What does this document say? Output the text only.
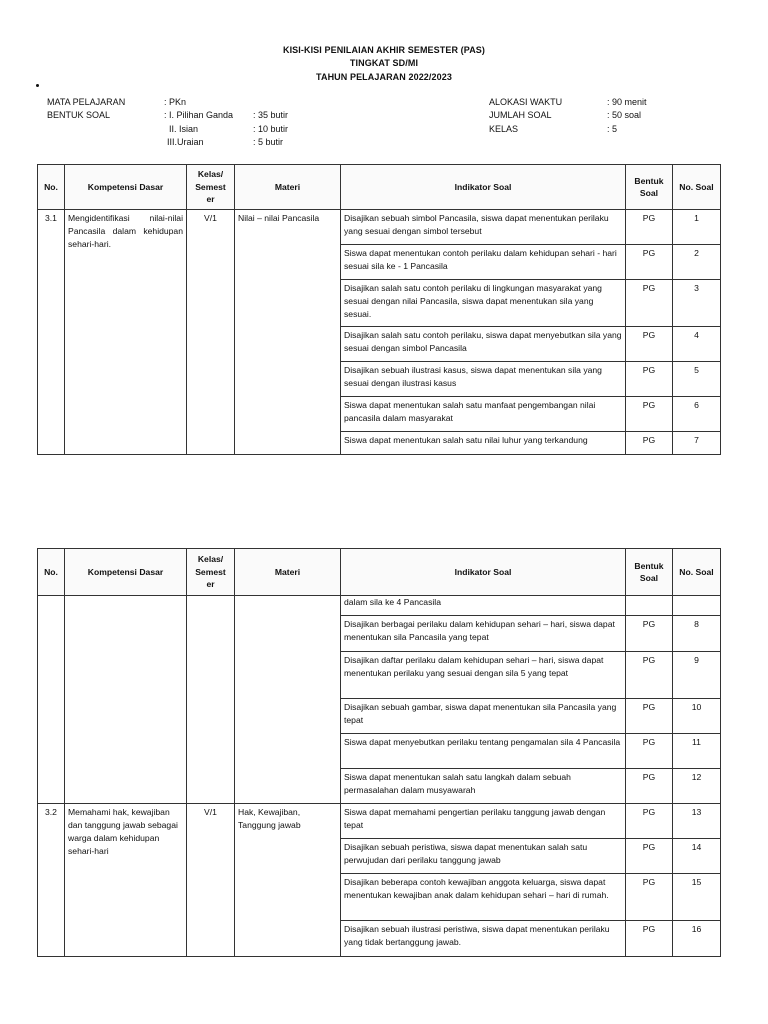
KISI-KISI PENILAIAN AKHIR SEMESTER (PAS)
TINGKAT SD/MI
TAHUN PELAJARAN 2022/2023
MATA PELAJARAN	: PKn
BENTUK SOAL	: I. Pilihan Ganda : 35 butir
II. Isian	: 10 butir
III.Uraian	: 5 butir
ALOKASI WAKTU	: 90 menit
JUMLAH SOAL	: 50 soal
KELAS	: 5
No.	Kompetensi Dasar	Kelas/
Semest
er	Materi	Indikator Soal	Bentuk
Soal	No. Soal
3.1	Mengidentifikasi nilai-nilai Pancasila dalam kehidupan sehari-hari.	V/1	Nilai – nilai Pancasila	Disajikan sebuah simbol Pancasila, siswa dapat menentukan perilaku yang sesuai dengan simbol tersebut	PG	1
				Siswa dapat menentukan contoh perilaku dalam kehidupan sehari - hari sesuai sila ke - 1 Pancasila	PG	2
				Disajikan salah satu contoh perilaku di lingkungan masyarakat yang sesuai dengan nilai Pancasila, siswa dapat menentukan sila yang sesuai.	PG	3
				Disajikan salah satu contoh perilaku, siswa dapat menyebutkan sila yang sesuai dengan simbol Pancasila	PG	4
				Disajikan sebuah ilustrasi kasus, siswa dapat menentukan sila yang sesuai dengan ilustrasi kasus	PG	5
				Siswa dapat menentukan salah satu manfaat pengembangan nilai pancasila dalam masyarakat	PG	6
				Siswa dapat menentukan salah satu nilai luhur yang terkandung	PG	7
No.	Kompetensi Dasar	Kelas/
Semest
er	Materi	Indikator Soal	Bentuk
Soal	No. Soal
				dalam sila ke 4 Pancasila		
				Disajikan berbagai perilaku dalam kehidupan sehari – hari, siswa dapat menentukan sila Pancasila yang tepat	PG	8
				Disajikan daftar perilaku dalam kehidupan sehari – hari, siswa dapat menentukan perilaku yang sesuai dengan sila 5 yang tepat	PG	9
				Disajikan sebuah gambar, siswa dapat menentukan sila Pancasila yang tepat	PG	10
				Siswa dapat menyebutkan perilaku tentang pengamalan sila 4 Pancasila	PG	11
				Siswa dapat menentukan salah satu langkah dalam sebuah permasalahan dalam musyawarah	PG	12
3.2	Memahami hak, kewajiban dan tanggung jawab sebagai warga dalam kehidupan sehari-hari	V/1	Hak, Kewajiban, Tanggung jawab	Siswa dapat memahami pengertian perilaku tanggung jawab dengan tepat	PG	13
				Disajikan sebuah peristiwa, siswa dapat menentukan salah satu perwujudan dari perilaku tanggung jawab	PG	14
				Disajikan beberapa contoh kewajiban anggota keluarga, siswa dapat menentukan kewajiban anak dalam kehidupan sehari – hari di rumah.	PG	15
				Disajikan sebuah ilustrasi peristiwa, siswa dapat menentukan perilaku yang tidak bertanggung jawab.	PG	16
